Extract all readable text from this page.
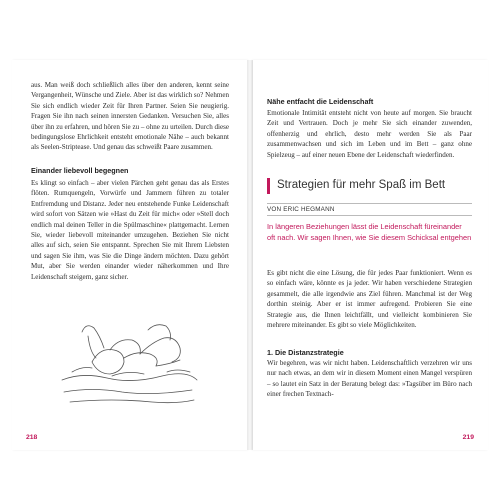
aus. Man weiß doch schließlich alles über den anderen, kennt seine Vergangenheit, Wünsche und Ziele. Aber ist das wirklich so? Nehmen Sie sich endlich wieder Zeit für Ihren Partner. Seien Sie neugierig. Fragen Sie ihn nach seinen innersten Gedanken. Versuchen Sie, alles über ihn zu erfahren, und hören Sie zu – ohne zu urteilen. Durch diese bedingungslose Ehrlichkeit entsteht emotionale Nähe – auch bekannt als Seelen-Striptease. Und genau das schweißt Paare zusammen.

Einander liebevoll begegnen

Es klingt so einfach – aber vielen Pärchen geht genau das als Erstes flöten. Rumquengeln, Vorwürfe und Jammern führen zu totaler Entfremdung und Distanz. Jeder neu entstehende Funke Leidenschaft wird sofort von Sätzen wie »Hast du Zeit für mich« oder »Stell doch endlich mal deinen Teller in die Spülmaschine« plattgemacht. Lernen Sie, wieder liebevoll miteinander umzugehen. Beziehen Sie nicht alles auf sich, seien Sie entspannt. Sprechen Sie mit Ihrem Liebsten und sagen Sie ihm, was Sie die Dinge ändern möchten. Dazu gehört Mut, aber Sie werden einander wieder näherkommen und Ihre Leidenschaft steigern, ganz sicher.

218
Nähe entfacht die Leidenschaft

Emotionale Intimität entsteht nicht von heute auf morgen. Sie braucht Zeit und Vertrauen. Doch je mehr Sie sich einander zuwenden, offenherzig und ehrlich, desto mehr werden Sie als Paar zusammenwachsen und sich im Leben und im Bett – ganz ohne Spielzeug – auf einer neuen Ebene der Leidenschaft wiederfinden.

Strategien für mehr Spaß im Bett
VON ERIC HEGMANN
In längeren Beziehungen lässt die Leidenschaft füreinander oft nach. Wir sagen Ihnen, wie Sie diesem Schicksal entgehen

Es gibt nicht die eine Lösung, die für jedes Paar funktioniert. Wenn es so einfach wäre, könnte es ja jeder. Wir haben verschiedene Strategien gesammelt, die alle irgendwie ans Ziel führen. Manchmal ist der Weg dorthin steinig. Aber er ist immer aufregend. Probieren Sie eine Strategie aus, die Ihnen leichtfällt, und vielleicht kombinieren Sie mehrere miteinander. Es gibt so viele Möglichkeiten.

1. Die Distanzstrategie

Wir begehren, was wir nicht haben. Leidenschaftlich verzehren wir uns nur nach etwas, an dem wir in diesem Moment einen Mangel verspüren – so lautet ein Satz in der Beratung belegt das: »Tagsüber im Büro nach einer frechen Textnach-

219
